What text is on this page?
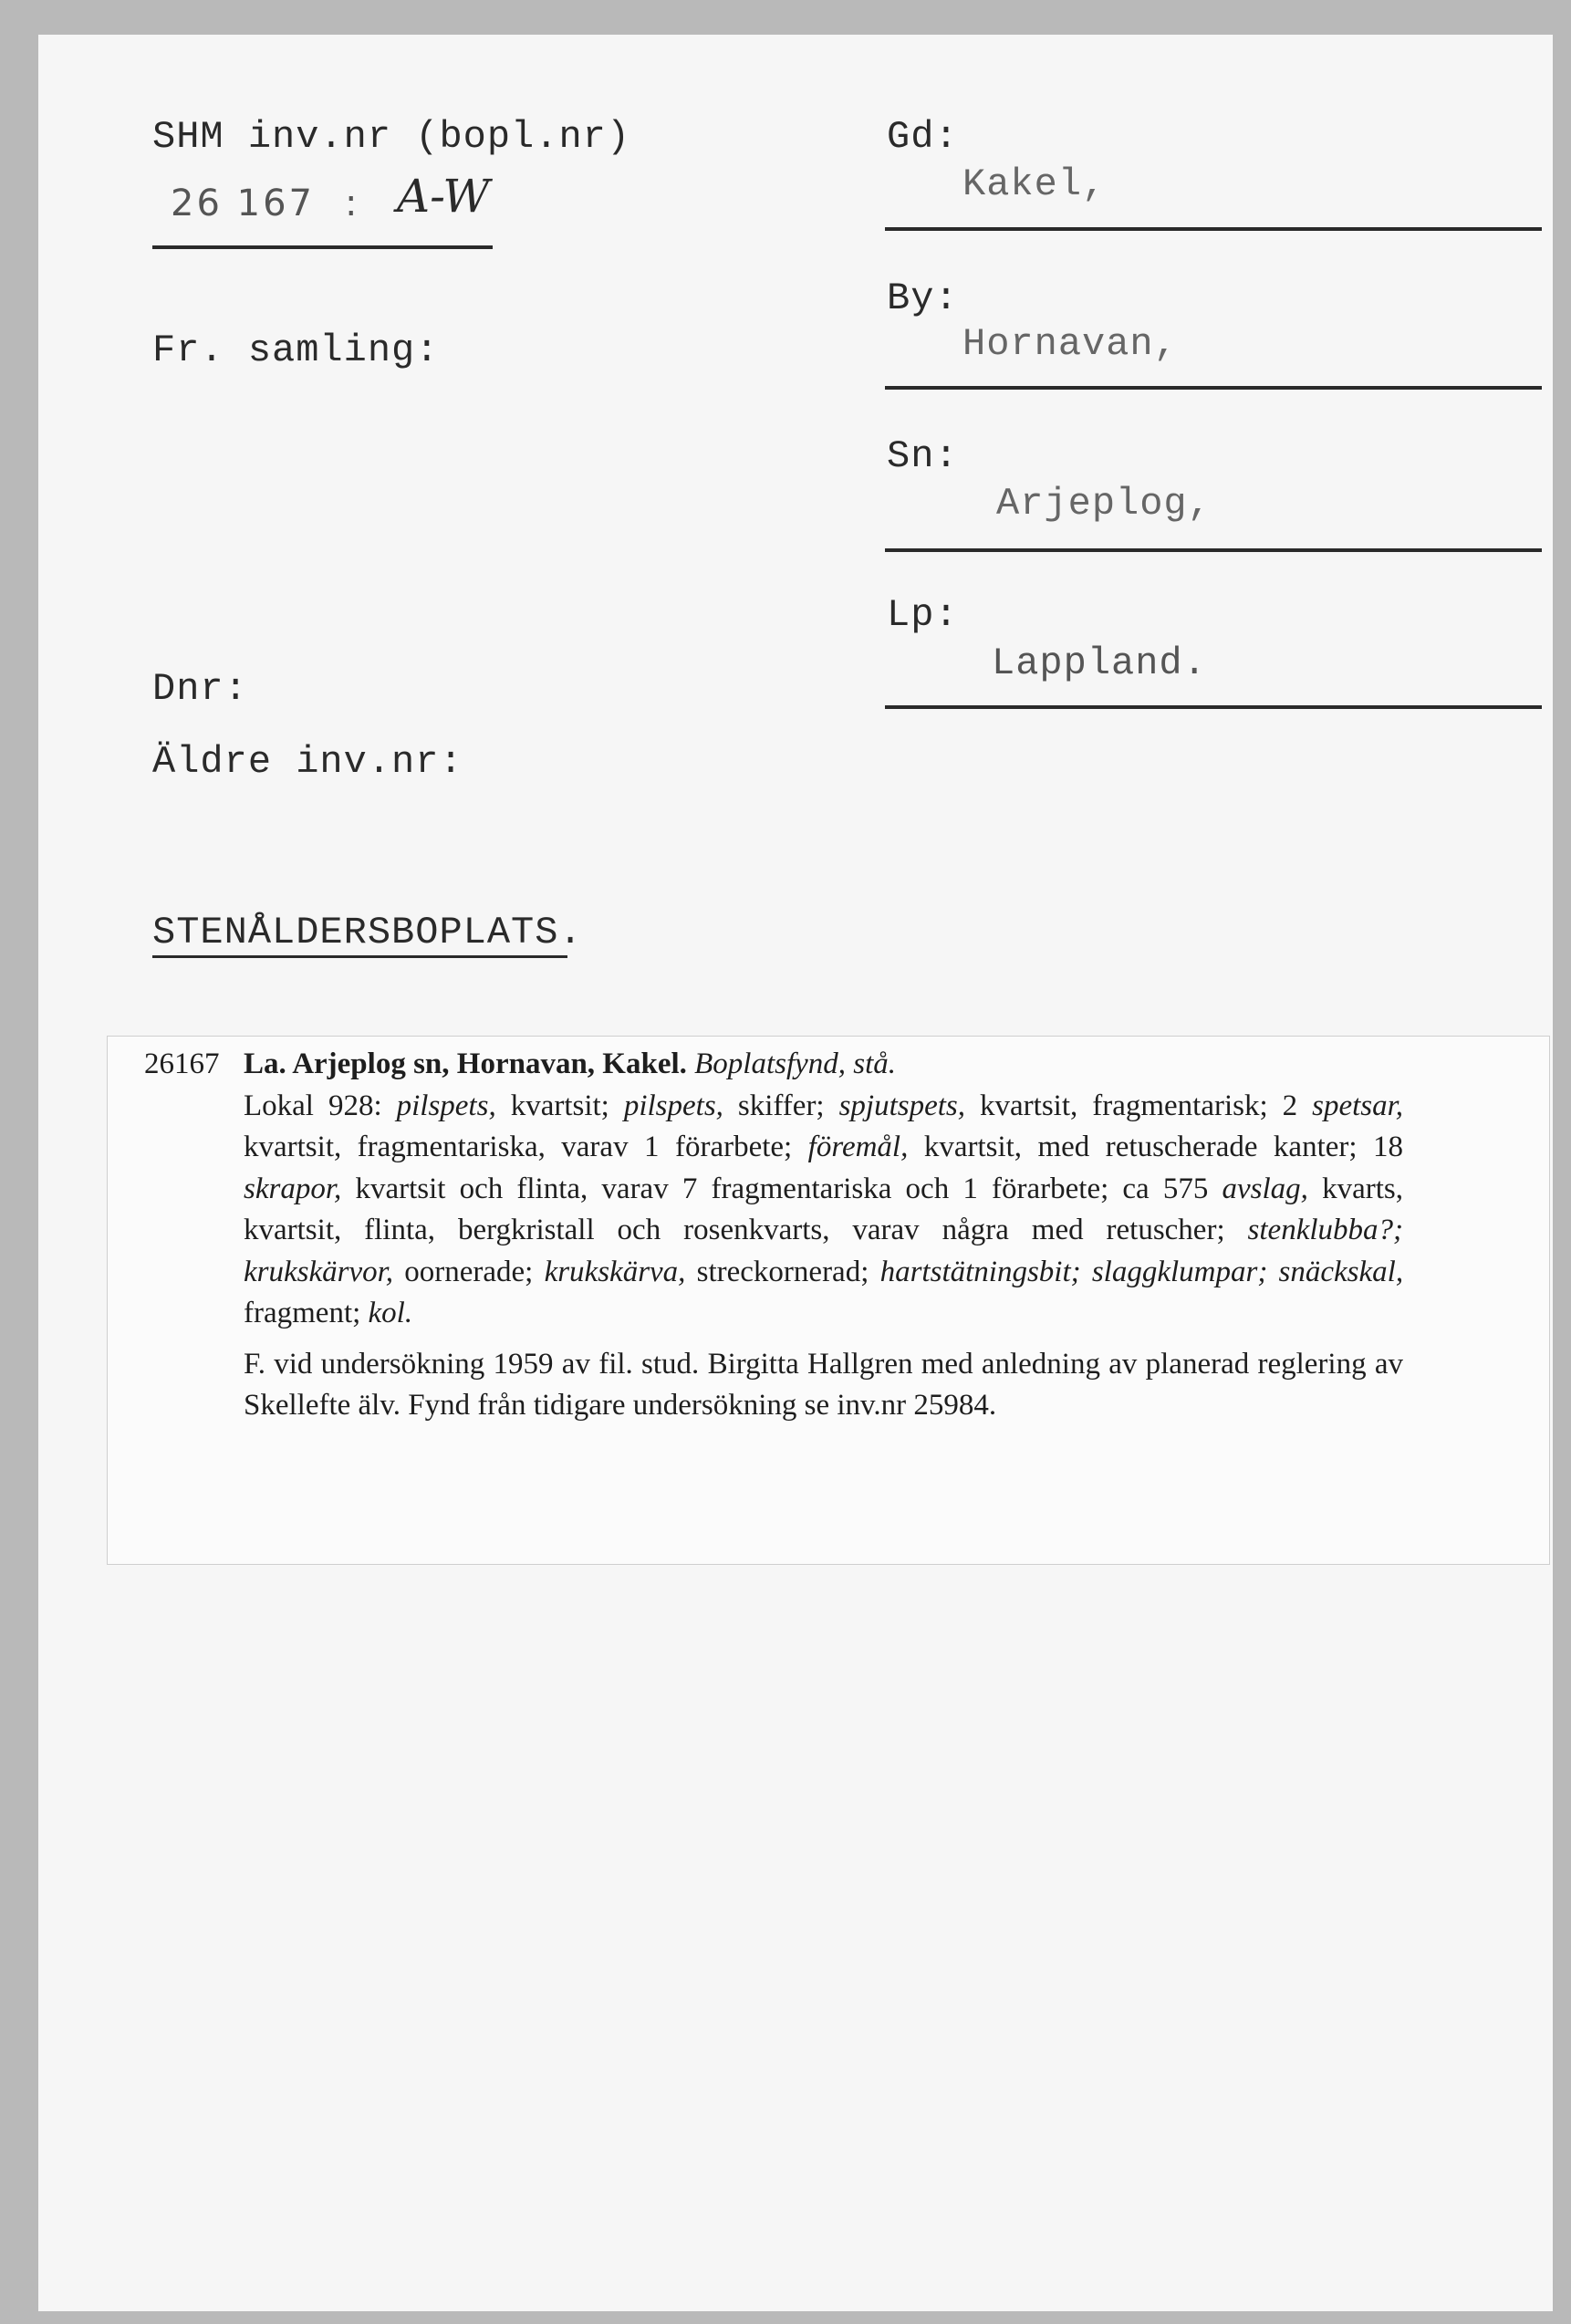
SHM inv.nr (bopl.nr)
26 167 : A-W
Fr. samling:
Dnr:
Äldre inv.nr:
Gd:
Kakel,
By:
Hornavan,
Sn:
Arjeplog,
Lp:
Lappland.
STENÅLDERSBOPLATS.

26167 La. Arjeplog sn, Hornavan, Kakel. Boplatsfynd, stå.
Lokal 928: pilspets, kvartsit; pilspets, skiffer; spjutspets, kvartsit, fragmentarisk; 2 spetsar, kvartsit, fragmentariska, varav 1 förarbete; föremål, kvartsit, med retuscherade kanter; 18 skrapor, kvartsit och flinta, varav 7 fragmentariska och 1 förarbete; ca 575 avslag, kvarts, kvartsit, flinta, bergkristall och rosenkvarts, varav några med retuscher; stenklubba?; krukskärvor, oornerade; krukskärva, streckornerad; hartstätningsbit; slaggklumpar; snäckskal, fragment; kol.

F. vid undersökning 1959 av fil. stud. Birgitta Hallgren med anledning av planerad reglering av Skellefte älv. Fynd från tidigare undersökning se inv.nr 25984.
